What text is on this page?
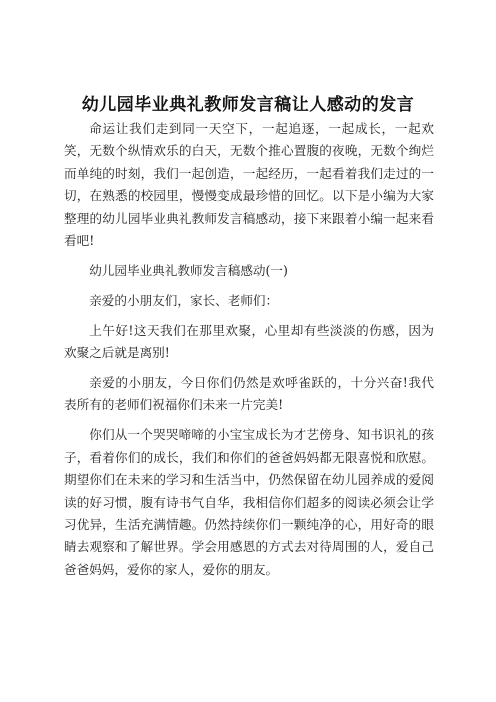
幼儿园毕业典礼教师发言稿让人感动的发言

命运让我们走到同一天空下，一起追逐，一起成长，一起欢笑，无数个纵情欢乐的白天，无数个推心置腹的夜晚，无数个绚烂而单纯的时刻，我们一起创造，一起经历，一起看着我们走过的一切，在熟悉的校园里，慢慢变成最珍惜的回忆。以下是小编为大家整理的幼儿园毕业典礼教师发言稿感动，接下来跟着小编一起来看看吧!

幼儿园毕业典礼教师发言稿感动(一)

亲爱的小朋友们，家长、老师们：

上午好!这天我们在那里欢聚，心里却有些淡淡的伤感，因为欢聚之后就是离别!

亲爱的小朋友，今日你们仍然是欢呼雀跃的，十分兴奋!我代表所有的老师们祝福你们未来一片完美!

你们从一个哭哭啼啼的小宝宝成长为才艺傍身、知书识礼的孩子，看着你们的成长，我们和你们的爸爸妈妈都无限喜悦和欣慰。期望你们在未来的学习和生活当中，仍然保留在幼儿园养成的爱阅读的好习惯，腹有诗书气自华，我相信你们超多的阅读必须会让学习优异，生活充满情趣。仍然持续你们一颗纯净的心，用好奇的眼睛去观察和了解世界。学会用感恩的方式去对待周围的人，爱自己爸爸妈妈，爱你的家人，爱你的朋友。
